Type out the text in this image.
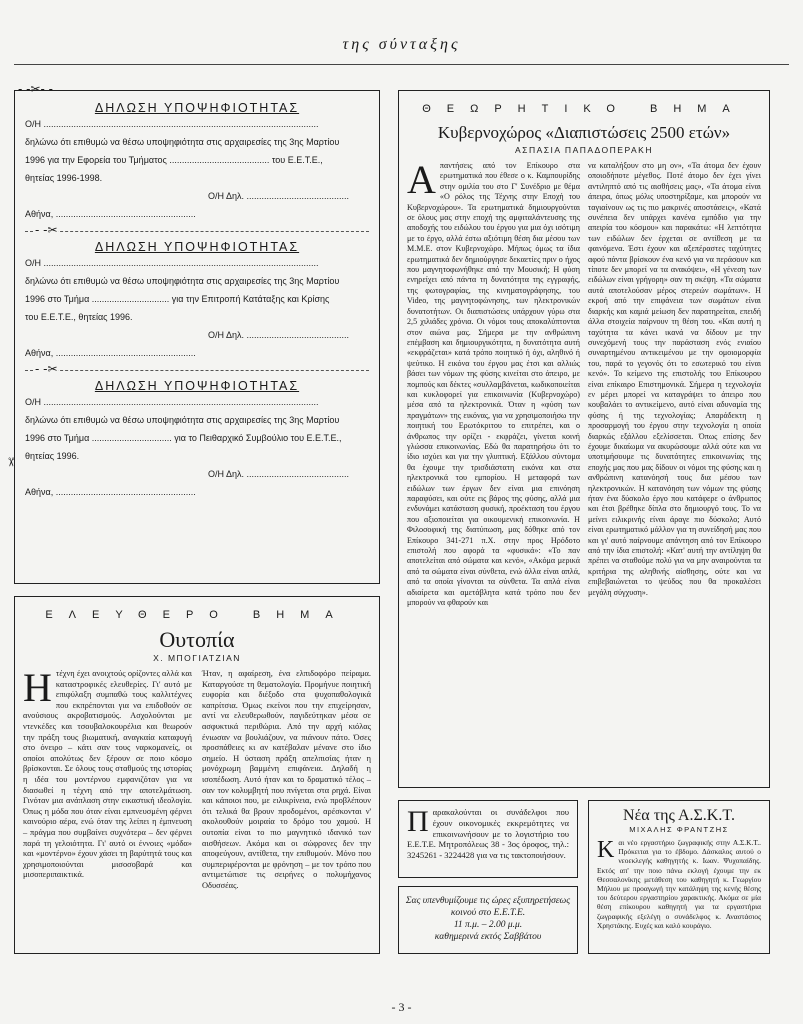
της σύνταξης
- -✂- -
ΔΗΛΩΣΗ ΥΠΟΨΗΦΙΟΤΗΤΑΣ
Ο/Η ..............................................................................................................
δηλώνω ότι επιθυμώ να θέσω υποψηφιότητα στις αρχαιρεσίες της 3ης Μαρτίου
1996 για την Εφορεία του Τμήματος ........................................ του Ε.Ε.Τ.Ε.,
θητείας 1996-1998.
Ο/Η Δηλ. .........................................
Αθήνα, ........................................................
- -✂
ΔΗΛΩΣΗ ΥΠΟΨΗΦΙΟΤΗΤΑΣ
Ο/Η ..............................................................................................................
δηλώνω ότι επιθυμώ να θέσω υποψηφιότητα στις αρχαιρεσίες της 3ης Μαρτίου
1996 στο Τμήμα ............................... για την Επιτροπή Κατάταξης και Κρίσης
του Ε.Ε.Τ.Ε., θητείας 1996.
Ο/Η Δηλ. .........................................
Αθήνα, ........................................................
- -✂
ΔΗΛΩΣΗ ΥΠΟΨΗΦΙΟΤΗΤΑΣ
Ο/Η ..............................................................................................................
δηλώνω ότι επιθυμώ να θέσω υποψηφιότητα στις αρχαιρεσίες της 3ης Μαρτίου
1996 στο Τμήμα ................................ για το Πειθαρχικό Συμβούλιο του Ε.Ε.Τ.Ε.,
θητείας 1996.
Ο/Η Δηλ. .........................................
Αθήνα, ........................................................
✂
ΕΛΕΥΘΕΡΟ ΒΗΜΑ
Ουτοπία
Χ. ΜΠΟΓΙΑΤΖΙΑΝ
Ητέχνη έχει ανοιχτούς ορίζοντες αλλά και καταστροφικές ελευθερίες. Γι' αυτό με επιφύλαξη συμπαθώ τους καλλιτέχνες που εκπρέπονται για να επιδοθούν σε ανούσιους ακροβατισμούς. Ασχολούνται με ντενκέδες και τσουβαλοκουρέλια και θεωρούν την πράξη τους βιωματική, αναγκαία καταφυγή στο όνειρο – κάτι σαν τους ναρκομανείς, οι οποίοι απολύτως δεν ξέρουν σε ποιο κόσμο βρίσκονται. Σε όλους τους σταθμούς της ιστορίας η ιδέα του μοντέρνου εμφανιζόταν για να διασωθεί η τέχνη από την αποτελμάτωση. Γινόταν μια ανάπλαση στην εικαστική ιδεολογία. Όπως η μόδα που όταν είναι εμπνευσμένη φέρνει καινούριο αέρα, ενώ όταν της λείπει η έμπνευση – πράγμα που συμβαίνει συχνότερα – δεν φέρνει παρά τη γελοιότητα. Γι' αυτό οι έννοιες «μόδα» και «μοντέρνο» έχουν χάσει τη βαρύτητά τους και χρησιμοποιούνται μισοσοβαρά και μισοπεριπαικτικά.
Ήταν, η αφαίρεση, ένα ελπιδοφόρο πείραμα. Καταργούσε τη θεματολογία. Προμήνυε ποιητική ευφορία και διέξοδο στα ψυχοπαθολογικά καπρίτσια. Όμως εκείνοι που την επιχείρησαν, αντί να ελευθερωθούν, παγιδεύτηκαν μέσα σε ασφυκτικά περιθώρια. Από την αρχή κιόλας ένιωσαν να βουλιάζουν, να πιάνουν πάτο. Όσες προσπάθειες κι αν κατέβαλαν μένανε στο ίδιο σημείο. Η ύσταση πράξη απελπισίας ήταν η μονόχρωμη βαμμένη επιφάνεια. Δηλαδή η ισοπέδωση. Αυτό ήταν και το δραματικό τέλος – σαν τον κολυμβητή που πνίγεται στα ρηχά. Είναι και κάποιοι που, με ειλικρίνεια, ενώ προβλέπουν ότι τελικά θα βρουν προδομένοι, αρέσκονται ν' ακολουθούν μοιραία το δρόμο του χαμού. Η ουτοπία είναι το πιο μαγνητικό ιδανικό των αισθήσεων. Ακόμα και οι σώφρονες δεν την αποφεύγουν, αντίθετα, την επιθυμούν. Μόνο που συμπεριφέρονται με φρόνηση – με τον τρόπο που αντιμετώπισε τις σειρήνες ο πολυμήχανος Οδυσσέας.
ΘΕΩΡΗΤΙΚΟ ΒΗΜΑ
Κυβερνοχώρος «Διαπιστώσεις 2500 ετών»
ΑΣΠΑΣΙΑ ΠΑΠΑΔΟΠΕΡΑΚΗ
Απαντήσεις από τον Επίκουρο στα ερωτηματικά που έθεσε ο κ. Καμπουρίδης στην ομιλία του στο Γ' Συνέδριο με θέμα «Ο ρόλος της Τέχνης στην Εποχή του Κυβερνοχώρου». Τα ερωτηματικά δημιουργούνται σε όλους μας στην εποχή της αμφιταλάντευσης της αποδοχής του ειδώλου του έργου για μια όχι ισότιμη με το έργο, αλλά έστω αξιότιμη θέση δια μέσου των Μ.Μ.Ε. στον Κυβερνοχώρο. Μήπως όμως τα ίδια ερωτηματικά δεν δημιούργησε δεκαετίες πριν ο ήχος που μαγνητοφωνήθηκε από την Μουσική; Η φύση ενηρείχει από πάντα τη δυνατότητα της εγγραφής, της φωτογραφίας, της κινηματογράφησης, του Video, της μαγνητοφώνησης, των ηλεκτρονικών δυνατοτήτων. Οι διαπιστώσεις υπάρχουν γύρω στα 2,5 χιλιάδες χρόνια. Οι νόμοι τους αποκαλύπτονται στον αιώνα μας. Σήμερα με την ανθρώπινη επέμβαση και δημιουργικότητα, η δυνατότητα αυτή «εκφράζεται» κατά τρόπο ποιητικό ή όχι, αληθινό ή ψεύτικο. Η εικόνα του έργου μας έτσι και αλλιώς βάσει των νόμων της φύσης κινείται στο άπειρο, με πομπούς και δέκτες «συλλαμβάνεται, κωδικοποιείται και κυκλοφορεί για επικοινωνία (Κυβερνοχώρο) μέσα από τα ηλεκτρονικά. Όταν η «φύση των πραγμάτων» της εικόνας, για να χρησιμοποιήσω την ποιητική του Ερωτόκριτου το επιτρέπει, και ο άνθρωπος την ορίζει - εκφράζει, γίνεται κοινή γλώσσα επικοινωνίας. Εδώ θα παρατηρήσω ότι το ίδιο ισχύει και για την γλυπτική. Εξάλλου σύντομα θα έχουμε την τρισδιάστατη εικόνα και στα ηλεκτρονικά του εμπορίου. Η μεταφορά των ειδώλων των έργων δεν είναι μια επινόηση παραφύσει, και ούτε εις βάρος της φύσης, αλλά μια ενδυνάμει κατάσταση φυσική, προέκταση του έργου που αξιοποιείται για οικουμενική επικοινωνία. Η Φιλοσοφική της διατύπωση, μας δόθηκε από τον Επίκουρο 341-271 π.Χ. στην προς Ηρόδοτο επιστολή που αφορά τα «φυσικά»: «Το παν αποτελείται από σώματα και κενό», «Ακόμα μερικά από τα σώματα είναι σύνθετα, ενώ άλλα είναι απλά, από τα οποία γίνονται τα σύνθετα. Τα απλά είναι αδιαίρετα και αμετάβλητα κατά τρόπο που δεν μπορούν να φθαρούν και
να καταλήξουν στο μη ον», «Τα άτομα δεν έχουν οποιοδήποτε μέγεθος. Ποτέ άτομο δεν έχει γίνει αντιληπτό από τις αισθήσεις μας», «Τα άτομα είναι άπειρα, όπως μόλις υποστηρίξαμε, και μπορούν να ταγιαίνουν ως τις πιο μακρινές αποστάσεις», «Κατά συνέπεια δεν υπάρχει κανένα εμπόδιο για την απειρία του κόσμου» και παρακάτω: «Η λεπτότητα των ειδώλων δεν έρχεται σε αντίθεση με τα φαινόμενα. Έστι έχουν και αξεπέραστες ταχύτητες αφού πάντα βρίσκουν ένα κενό για να περάσουν και τίποτε δεν μπορεί να τα ανακόψει», «Η γένεση των ειδώλων είναι γρήγορη» σαν τη σκέψη. «Τα σώματα αυτά αποτελούσαν μέρος στερεών σωμάτων». Η εκροή από την επιφάνεια των σωμάτων είναι διαρκής και καμιά μείωση δεν παρατηρείται, επειδή άλλα στοιχεία παίρνουν τη θέση του. «Και αυτή η ταχύτητα τα κάνει ικανά να δίδουν με την συνεχόμενή τους την παράσταση ενός ενιαίου συναρτημένου αντικειμένου με την ομοιομορφία του, παρά το γεγονός ότι το εσωτερικό του είναι κενό». Το κείμενο της επιστολής του Επίκουρου είναι επίκαιρο Επιστημονικά. Σήμερα η τεχνολογία εν μέρει μπορεί να καταγράψει το άπειρο που κουβαλάει το αντικείμενο, αυτό είναι αδυναμία της φύσης ή της τεχνολογίας; Απαράδεκτη η προσαρμογή του έργου στην τεχνολογία η οποία διαρκώς εξάλλου εξελίσσεται. Όπως επίσης δεν έχουμε δικαίωμα να ακυρώσουμε αλλά ούτε και να υποτιμήσουμε τις δυνατότητες επικοινωνίας της εποχής μας που μας δίδουν οι νόμοι της φύσης και η ανθρώπινη κατανόησή τους δια μέσου των ηλεκτρονικών. Η κατανόηση των νόμων της φύσης ήταν ένα δύσκολο έργο που κατάφερε ο άνθρωπος και έτσι βρέθηκε δίπλα στο δημιουργό τους. Το να μείνει ειλικρινής είναι άραγε πιο δύσκολο; Αυτό είναι ερωτηματικό μάλλον για τη συνείδησή μας που και γι' αυτό παίρνουμε απάντηση από τον Επίκουρο από την ίδια επιστολή: «Κατ' αυτή την αντίληψη θα πρέπει να σταθούμε πολύ για να μην αναιρούνται τα κριτήρια της αληθινής αίσθησης, ούτε και να επιβεβαιώνεται το ψεύδος που θα προκαλέσει μεγάλη σύγχυση».
Παρακαλούνται οι συνάδελφοι που έχουν οικονομικές εκκρεμότητες να επικοινωνήσουν με το λογιστήριο του Ε.Ε.Τ.Ε. Μητροπόλεως 38 - 3ος όροφος, τηλ.: 3245261 - 3224428 για να τις τακτοποιήσουν.
Σας υπενθυμίζουμε τις ώρες εξυπηρετήσεως κοινού στο Ε.Ε.Τ.Ε.
11 π.μ. – 2.00 μ.μ.
καθημερινά εκτός Σαββάτου
Νέα της Α.Σ.Κ.Τ.
ΜΙΧΑΛΗΣ ΦΡΑΝΤΖΗΣ
Και νέο εργαστήριο ζωγραφικής στην Α.Σ.Κ.Τ.. Πρόκειται για το έβδομο. Δάσκαλος αυτού ο νεοεκλεγής καθηγητής κ. Ιωαν. Ψυχοπαίδης. Εκτός απ' την ποιο πάνω εκλογή έχουμε την εκ Θεσσαλονίκης μετάθεση του καθηγητή κ. Γεωργίου Μήλιου με προαγωγή την κατάληψη της κενής θέσης του δεύτερου εργαστηρίου χαρακτικής. Ακόμα σε μία θέση επίκουρου καθηγητή για τα εργαστήρια ζωγραφικής εξελέγη ο συνάδελφος κ. Αναστάσιος Χρηστάκης. Ευχές και καλό κουράγιο.
- 3 -
